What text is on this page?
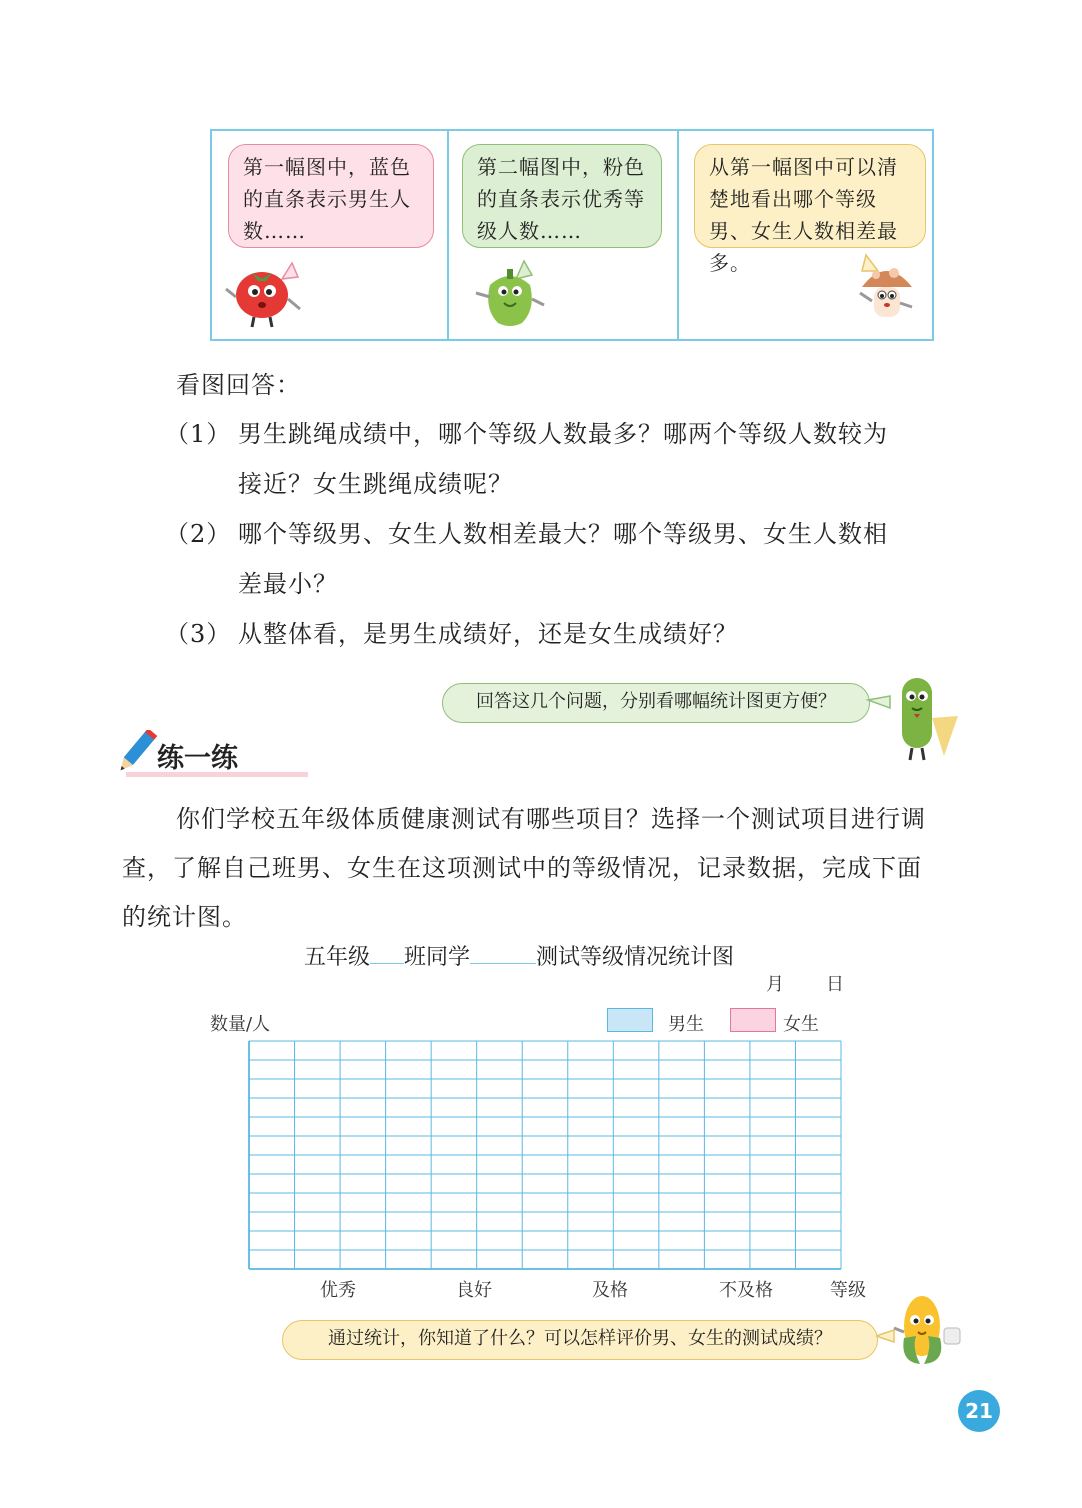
第一幅图中，蓝色的直条表示男生人数……
第二幅图中，粉色的直条表示优秀等级人数……
从第一幅图中可以清楚地看出哪个等级男、女生人数相差最多。
看图回答：
（1） 男生跳绳成绩中，哪个等级人数最多？哪两个等级人数较为
接近？女生跳绳成绩呢？
（2） 哪个等级男、女生人数相差最大？哪个等级男、女生人数相
差最小？
（3） 从整体看，是男生成绩好，还是女生成绩好？
回答这几个问题，分别看哪幅统计图更方便？
练一练
你们学校五年级体质健康测试有哪些项目？选择一个测试项目进行调
查，了解自己班男、女生在这项测试中的等级情况，记录数据，完成下面
的统计图。
五年级 班同学	测试等级情况统计图
月 日
数量/人	男生	女生
优秀	良好	及格	不及格	等级
通过统计，你知道了什么？可以怎样评价男、女生的测试成绩？
21
